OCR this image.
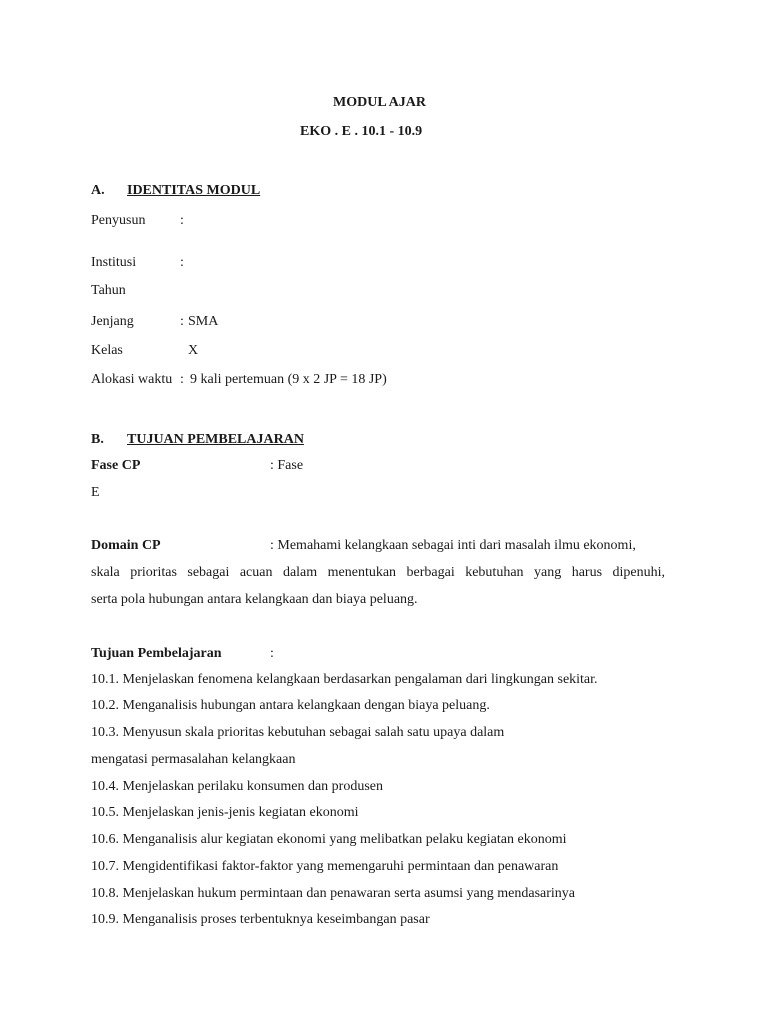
MODUL AJAR
EKO . E . 10.1 - 10.9
A. IDENTITAS MODUL
Penyusun :
Institusi	:
Tahun
Jenjang	: SMA
Kelas	X
Alokasi waktu : 9 kali pertemuan (9 x 2 JP = 18 JP)
B. TUJUAN PEMBELAJARAN
Fase CP	: Fase
E
Domain CP	: Memahami kelangkaan sebagai inti dari masalah ilmu ekonomi,
skala prioritas sebagai acuan dalam menentukan berbagai kebutuhan yang harus dipenuhi,
serta pola hubungan antara kelangkaan dan biaya peluang.
Tujuan Pembelajaran	:
10.1. Menjelaskan fenomena kelangkaan berdasarkan pengalaman dari lingkungan sekitar.
10.2. Menganalisis hubungan antara kelangkaan dengan biaya peluang.
10.3. Menyusun skala prioritas kebutuhan sebagai salah satu upaya dalam
mengatasi permasalahan kelangkaan
10.4. Menjelaskan perilaku konsumen dan produsen
10.5. Menjelaskan jenis-jenis kegiatan ekonomi
10.6. Menganalisis alur kegiatan ekonomi yang melibatkan pelaku kegiatan ekonomi
10.7. Mengidentifikasi faktor-faktor yang memengaruhi permintaan dan penawaran
10.8. Menjelaskan hukum permintaan dan penawaran serta asumsi yang mendasarinya
10.9. Menganalisis proses terbentuknya keseimbangan pasar
